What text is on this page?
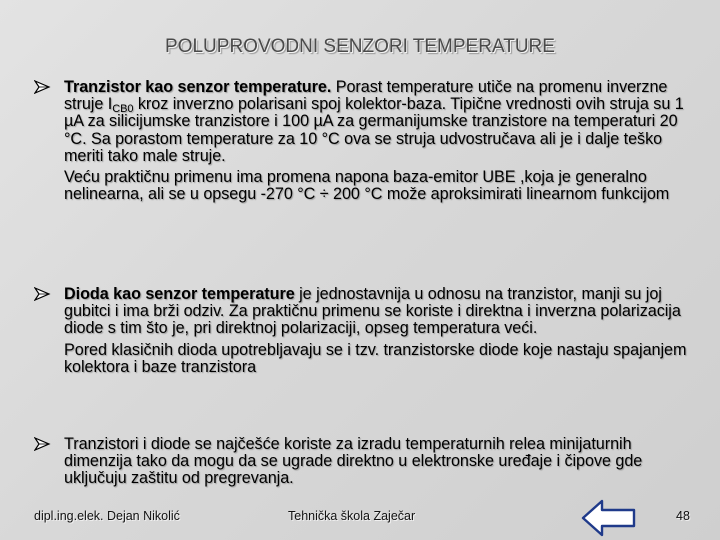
POLUPROVODNI SENZORI TEMPERATURE
Tranzistor kao senzor temperature. Porast temperature utiče na promenu inverzne struje $I_{CB0}$ kroz inverzno polarisani spoj kolektor-baza. Tipične vrednosti ovih struja su 1 µA za silicijumske tranzistore i 100 µA za germanijumske tranzistore na temperaturi 20 °C. Sa porastom temperature za 10 °C ova se struja udvostručava ali je i dalje teško meriti tako male struje.
Veću praktičnu primenu ima promena napona baza-emitor UBE ,koja je generalno nelinearna, ali se u opsegu -270 °C ÷ 200 °C može aproksimirati linearnom funkcijom
Dioda kao senzor temperature je jednostavnija u odnosu na tranzistor, manji su joj gubitci i ima brži odziv. Za praktičnu primenu se koriste i direktna i inverzna polarizacija diode s tim što je, pri direktnoj polarizaciji, opseg temperatura veći.
Pored klasičnih dioda upotrebljavaju se i tzv. tranzistorske diode koje nastaju spajanjem kolektora i baze tranzistora
Tranzistori i diode se najčešće koriste za izradu temperaturnih relea minijaturnih dimenzija tako da mogu da se ugrade direktno u elektronske uređaje i čipove gde uključuju zaštitu od pregrevanja.
dipl.ing.elek. Dejan Nikolić	Tehnička škola Zaječar	48
